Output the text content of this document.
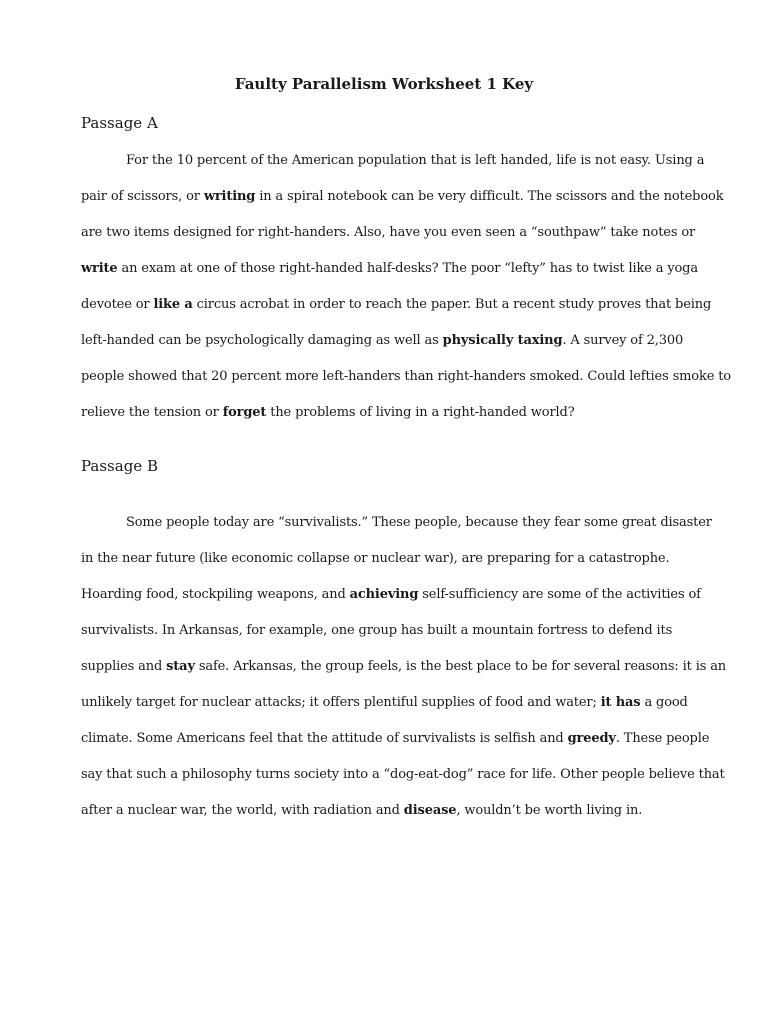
Faulty Parallelism Worksheet 1 Key
Passage A
For the 10 percent of the American population that is left handed, life is not easy. Using a
pair of scissors, or writing in a spiral notebook can be very difficult. The scissors and the notebook
are two items designed for right-handers. Also, have you even seen a “southpaw” take notes or
write an exam at one of those right-handed half-desks? The poor “lefty” has to twist like a yoga
devotee or like a circus acrobat in order to reach the paper. But a recent study proves that being
left-handed can be psychologically damaging as well as physically taxing. A survey of 2,300
people showed that 20 percent more left-handers than right-handers smoked. Could lefties smoke to
relieve the tension or forget the problems of living in a right-handed world?
Passage B
Some people today are “survivalists.” These people, because they fear some great disaster
in the near future (like economic collapse or nuclear war), are preparing for a catastrophe.
Hoarding food, stockpiling weapons, and achieving self-sufficiency are some of the activities of
survivalists. In Arkansas, for example, one group has built a mountain fortress to defend its
supplies and stay safe. Arkansas, the group feels, is the best place to be for several reasons: it is an
unlikely target for nuclear attacks; it offers plentiful supplies of food and water; it has a good
climate. Some Americans feel that the attitude of survivalists is selfish and greedy. These people
say that such a philosophy turns society into a “dog-eat-dog” race for life. Other people believe that
after a nuclear war, the world, with radiation and disease, wouldn’t be worth living in.
